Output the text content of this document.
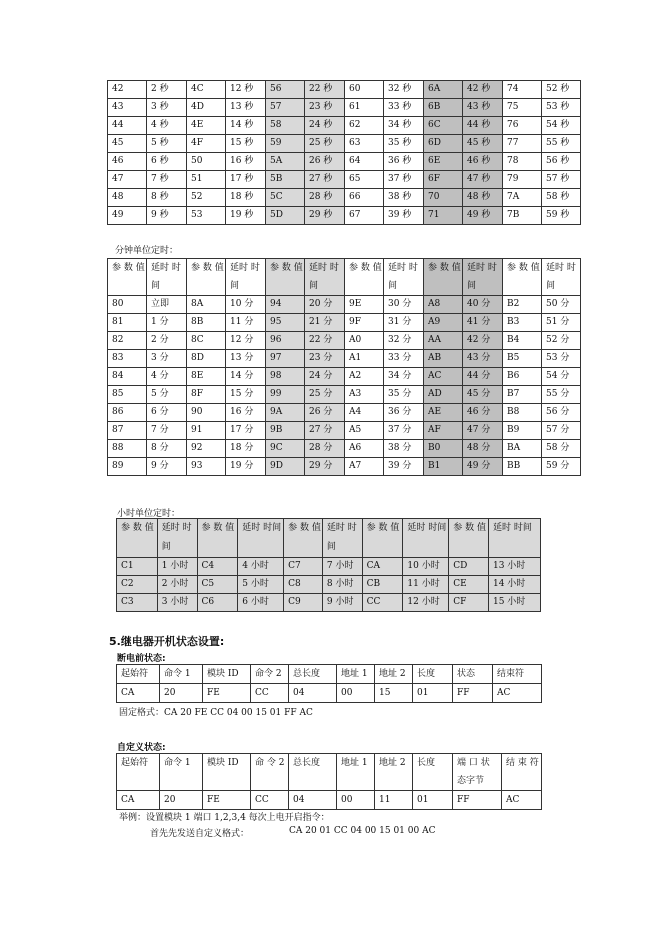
42	2 秒	4C	12 秒	56	22 秒	60	32 秒	6A	42 秒	74	52 秒
43	3 秒	4D	13 秒	57	23 秒	61	33 秒	6B	43 秒	75	53 秒
44	4 秒	4E	14 秒	58	24 秒	62	34 秒	6C	44 秒	76	54 秒
45	5 秒	4F	15 秒	59	25 秒	63	35 秒	6D	45 秒	77	55 秒
46	6 秒	50	16 秒	5A	26 秒	64	36 秒	6E	46 秒	78	56 秒
47	7 秒	51	17 秒	5B	27 秒	65	37 秒	6F	47 秒	79	57 秒
48	8 秒	52	18 秒	5C	28 秒	66	38 秒	70	48 秒	7A	58 秒
49	9 秒	53	19 秒	5D	29 秒	67	39 秒	71	49 秒	7B	59 秒
分钟单位定时：
参 数 值	延时 时间	参 数 值	延时 时间	参 数 值	延时 时间	参 数 值	延时 时间	参 数 值	延时 时间	参 数 值	延时 时间
80	立即	8A	10 分	94	20 分	9E	30 分	A8	40 分	B2	50 分
81	1 分	8B	11 分	95	21 分	9F	31 分	A9	41 分	B3	51 分
82	2 分	8C	12 分	96	22 分	A0	32 分	AA	42 分	B4	52 分
83	3 分	8D	13 分	97	23 分	A1	33 分	AB	43 分	B5	53 分
84	4 分	8E	14 分	98	24 分	A2	34 分	AC	44 分	B6	54 分
85	5 分	8F	15 分	99	25 分	A3	35 分	AD	45 分	B7	55 分
86	6 分	90	16 分	9A	26 分	A4	36 分	AE	46 分	B8	56 分
87	7 分	91	17 分	9B	27 分	A5	37 分	AF	47 分	B9	57 分
88	8 分	92	18 分	9C	28 分	A6	38 分	B0	48 分	BA	58 分
89	9 分	93	19 分	9D	29 分	A7	39 分	B1	49 分	BB	59 分
小时单位定时：
参 数 值	延时 时间	参 数 值	延时 时间	参 数 值	延时 时间	参 数 值	延时 时间	参 数 值	延时 时间
C1	1 小时	C4	4 小时	C7	7 小时	CA	10 小时	CD	13 小时
C2	2 小时	C5	5 小时	C8	8 小时	CB	11 小时	CE	14 小时
C3	3 小时	C6	6 小时	C9	9 小时	CC	12 小时	CF	15 小时
5.继电器开机状态设置:
断电前状态:
起始符	命令 1	模块 ID	命令 2	总长度	地址 1	地址 2	长度	状态	结束符
CA	20	FE	CC	04	00	15	01	FF	AC
固定格式：CA 20 FE CC 04 00 15 01 FF AC
自定义状态:
起始符	命令 1	模块 ID	命 令 2	总长度	地址 1	地址 2	长度	端 口 状 态字节	结 束 符
CA	20	FE	CC	04	00	11	01	FF	AC
举例：设置模块 1 端口 1,2,3,4 每次上电开启指令：
首先先发送自定义格式：	CA 20 01 CC 04 00 15 01 00 AC
